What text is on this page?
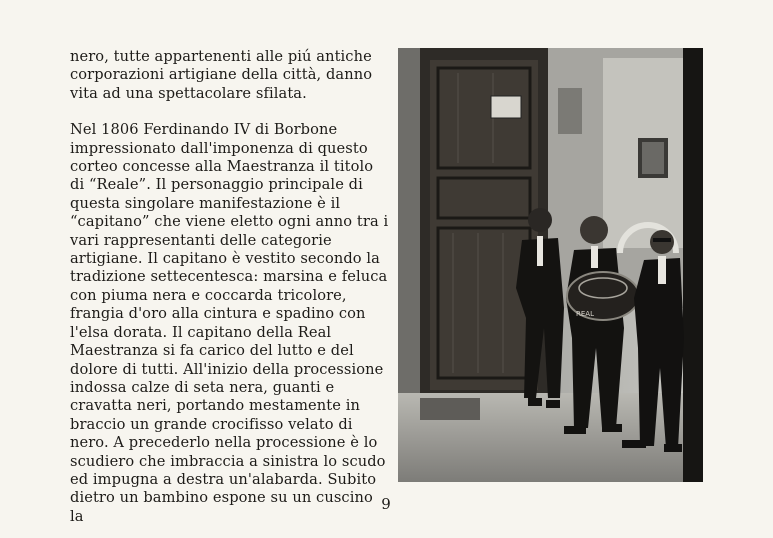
nero, tutte appartenenti alle piú antiche corporazioni artigiane della città, danno vita ad una spettacolare sfilata.

Nel 1806 Ferdinando IV di Borbone impressionato dall'imponenza di questo corteo concesse alla Maestranza il titolo di “Reale”. Il personaggio principale di questa singolare manifestazione è il “capitano” che viene eletto ogni anno tra i vari rappresentanti delle categorie artigiane. Il capitano è vestito secondo la tradizione settecentesca: marsina e feluca con piuma nera e coccarda tricolore, frangia d'oro alla cintura e spadino con l'elsa dorata. Il capitano della Real Maestranza si fa carico del lutto e del dolore di tutti. All'inizio della processione indossa calze di seta nera, guanti e cravatta neri, portando mestamente in braccio un grande crocifisso velato di nero. A precederlo nella processione è lo scudiero che imbraccia a sinistra lo scudo ed impugna a destra un'alabarda. Subito dietro un bambino espone su un cuscino la

REAL
9
